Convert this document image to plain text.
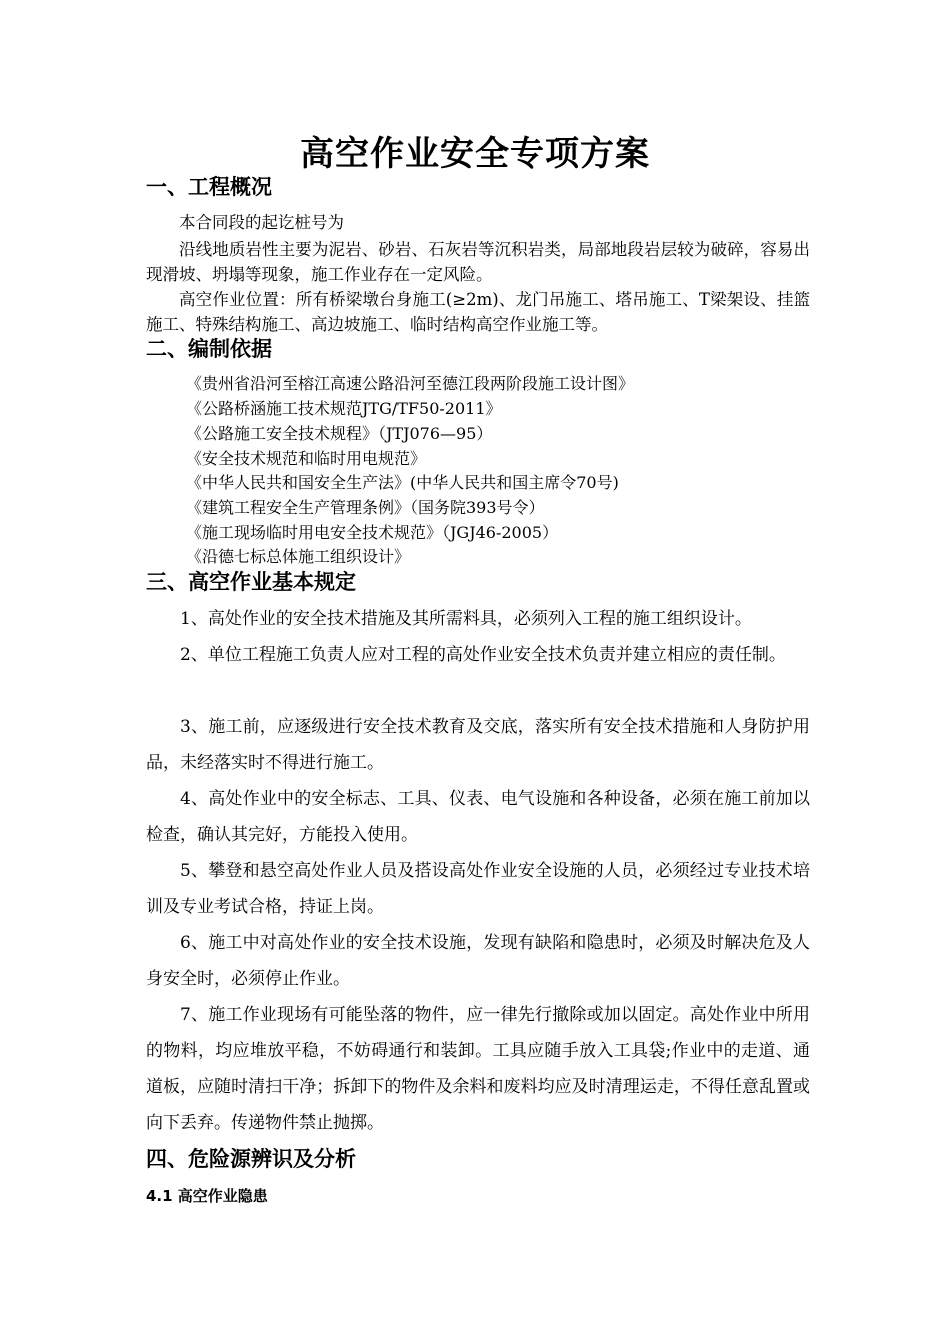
高空作业安全专项方案
一、工程概况
本合同段的起讫桩号为
沿线地质岩性主要为泥岩、砂岩、石灰岩等沉积岩类，局部地段岩层较为破碎，容易出现滑坡、坍塌等现象，施工作业存在一定风险。
高空作业位置：所有桥梁墩台身施工(≥2m)、龙门吊施工、塔吊施工、T梁架设、挂篮施工、特殊结构施工、高边坡施工、临时结构高空作业施工等。
二、编制依据
《贵州省沿河至榕江高速公路沿河至德江段两阶段施工设计图》
《公路桥涵施工技术规范JTG/TF50-2011》
《公路施工安全技术规程》（JTJ076—95）
《安全技术规范和临时用电规范》
《中华人民共和国安全生产法》(中华人民共和国主席令70号)
《建筑工程安全生产管理条例》（国务院393号令）
《施工现场临时用电安全技术规范》（JGJ46-2005）
《沿德七标总体施工组织设计》
三、高空作业基本规定
1、高处作业的安全技术措施及其所需料具，必须列入工程的施工组织设计。
2、单位工程施工负责人应对工程的高处作业安全技术负责并建立相应的责任制。
3、施工前，应逐级进行安全技术教育及交底，落实所有安全技术措施和人身防护用品，未经落实时不得进行施工。
4、高处作业中的安全标志、工具、仪表、电气设施和各种设备，必须在施工前加以检查，确认其完好，方能投入使用。
5、攀登和悬空高处作业人员及搭设高处作业安全设施的人员，必须经过专业技术培训及专业考试合格，持证上岗。
6、施工中对高处作业的安全技术设施，发现有缺陷和隐患时，必须及时解决危及人身安全时，必须停止作业。
7、施工作业现场有可能坠落的物件，应一律先行撤除或加以固定。高处作业中所用的物料，均应堆放平稳，不妨碍通行和装卸。工具应随手放入工具袋;作业中的走道、通道板，应随时清扫干净；拆卸下的物件及余料和废料均应及时清理运走，不得任意乱置或向下丢弃。传递物件禁止抛掷。
四、危险源辨识及分析
4.1 高空作业隐患
